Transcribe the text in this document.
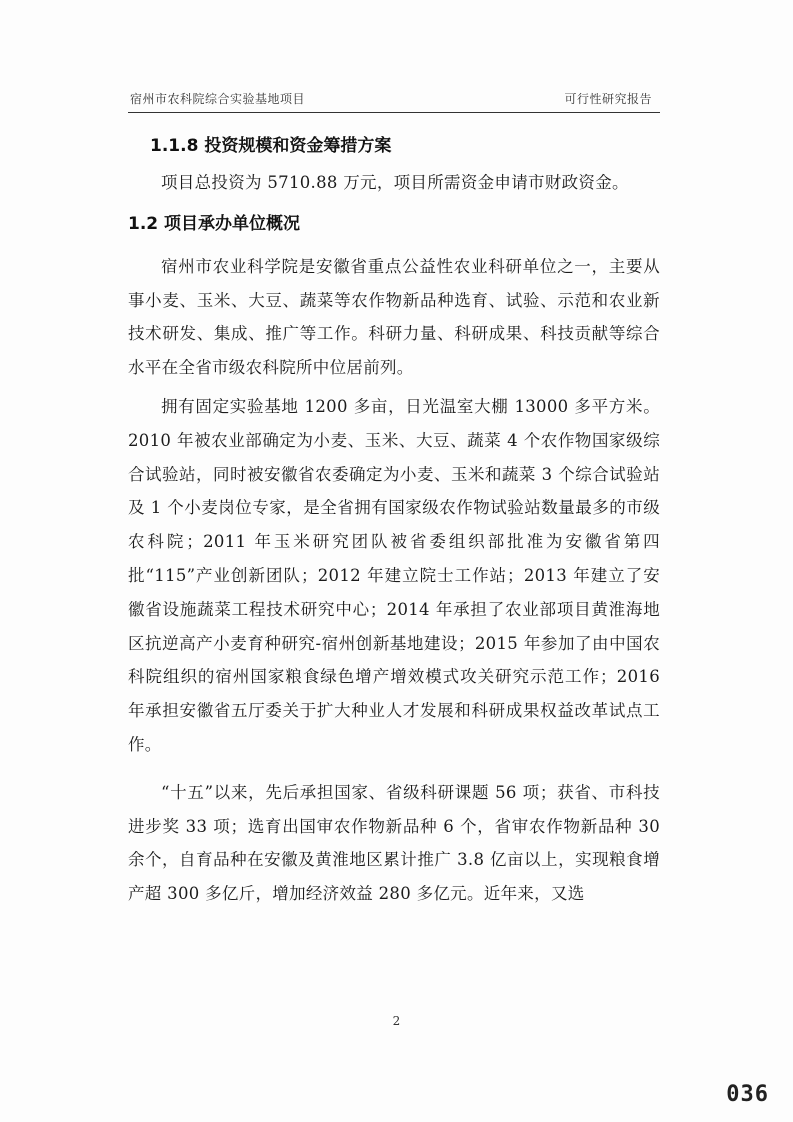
宿州市农科院综合实验基地项目	可行性研究报告
1.1.8 投资规模和资金筹措方案

项目总投资为 5710.88 万元，项目所需资金申请市财政资金。

1.2 项目承办单位概况

宿州市农业科学院是安徽省重点公益性农业科研单位之一，主要从事小麦、玉米、大豆、蔬菜等农作物新品种选育、试验、示范和农业新技术研发、集成、推广等工作。科研力量、科研成果、科技贡献等综合水平在全省市级农科院所中位居前列。

拥有固定实验基地 1200 多亩，日光温室大棚 13000 多平方米。2010 年被农业部确定为小麦、玉米、大豆、蔬菜 4 个农作物国家级综合试验站，同时被安徽省农委确定为小麦、玉米和蔬菜 3 个综合试验站及 1 个小麦岗位专家，是全省拥有国家级农作物试验站数量最多的市级农科院；2011 年玉米研究团队被省委组织部批准为安徽省第四批“115”产业创新团队；2012 年建立院士工作站；2013 年建立了安徽省设施蔬菜工程技术研究中心；2014 年承担了农业部项目黄淮海地区抗逆高产小麦育种研究-宿州创新基地建设；2015 年参加了由中国农科院组织的宿州国家粮食绿色增产增效模式攻关研究示范工作；2016 年承担安徽省五厅委关于扩大种业人才发展和科研成果权益改革试点工作。

“十五”以来，先后承担国家、省级科研课题 56 项；获省、市科技进步奖 33 项；选育出国审农作物新品种 6 个，省审农作物新品种 30 余个，自育品种在安徽及黄淮地区累计推广 3.8 亿亩以上，实现粮食增产超 300 多亿斤，增加经济效益 280 多亿元。近年来，又选

2
036
